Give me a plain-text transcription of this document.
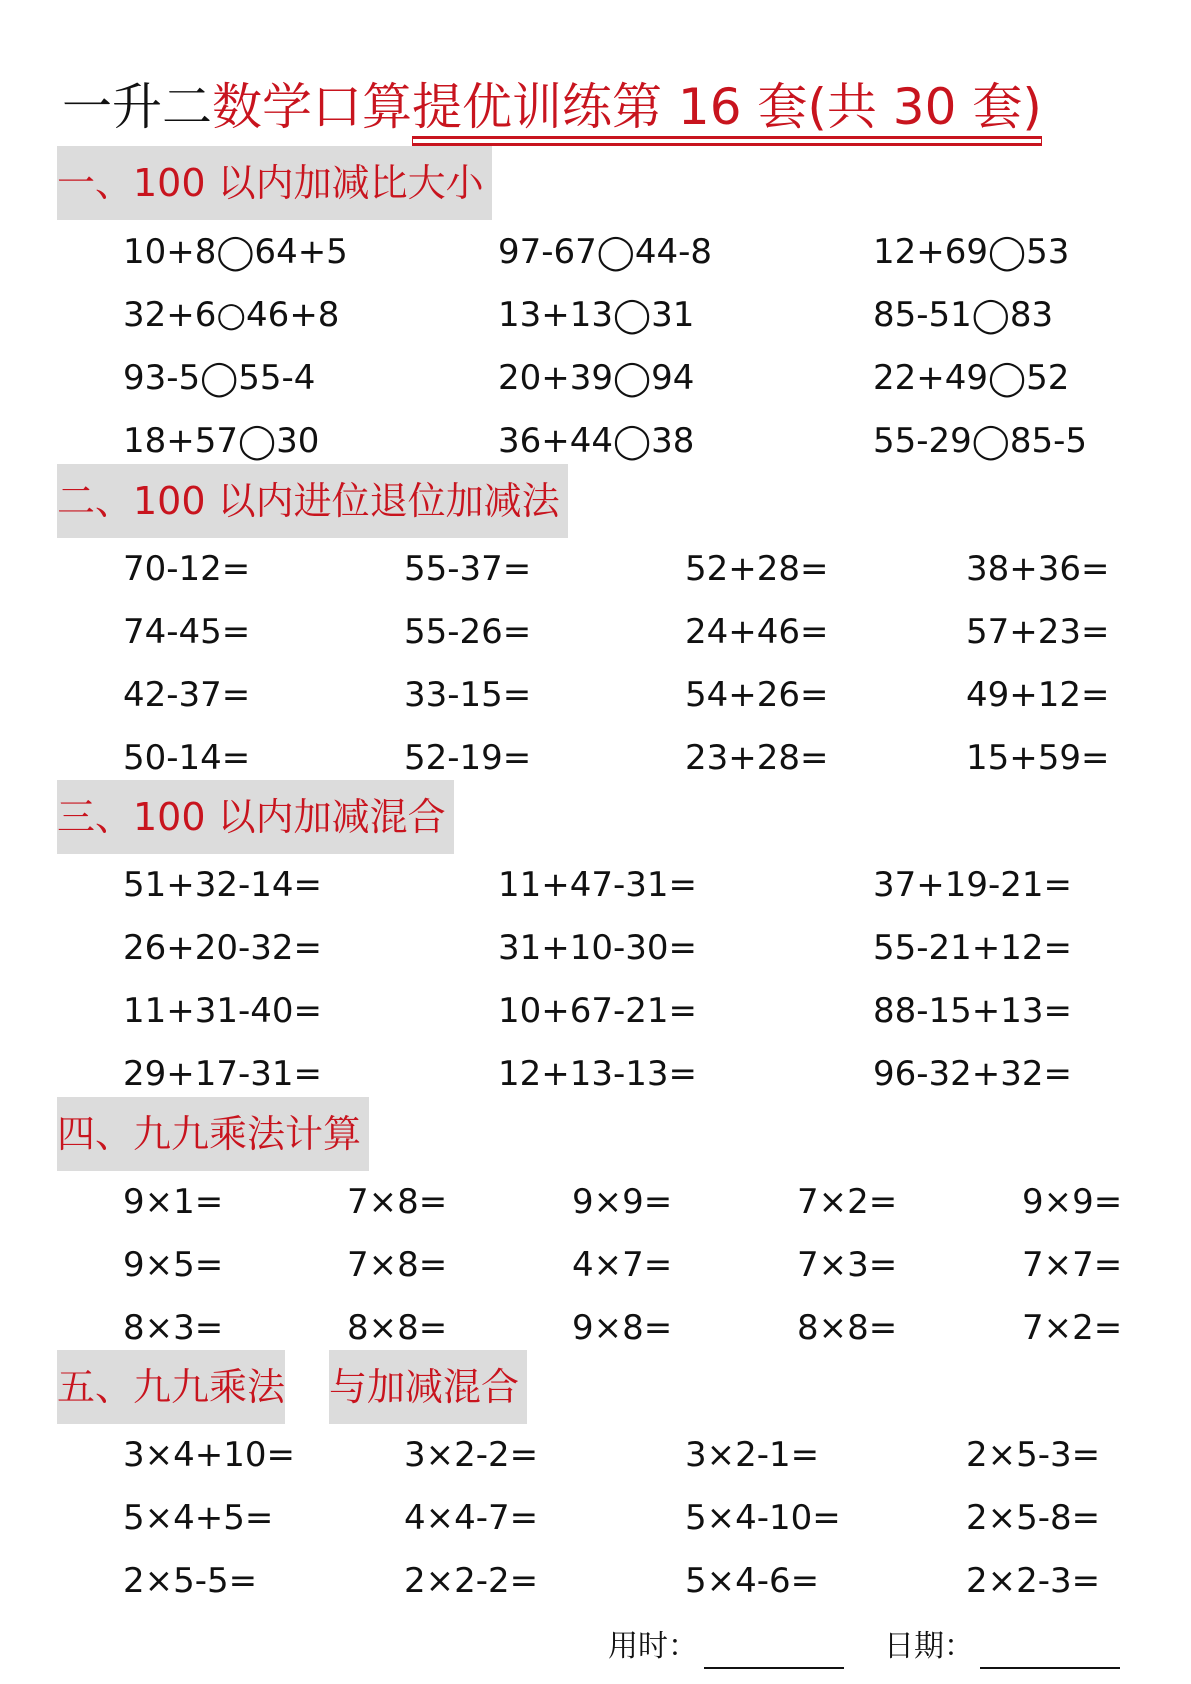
一升二数学口算提优训练第 16 套(共 30 套)
一、100 以内加减比大小
10+8◯64+5	97-67◯44-8	12+69◯53
32+6○46+8	13+13◯31	85-51◯83
93-5◯55-4	20+39◯94	22+49◯52
18+57◯30	36+44◯38	55-29◯85-5
二、100 以内进位退位加减法
70-12=	55-37=	52+28=	38+36=
74-45=	55-26=	24+46=	57+23=
42-37=	33-15=	54+26=	49+12=
50-14=	52-19=	23+28=	15+59=
三、100 以内加减混合
51+32-14=	11+47-31=	37+19-21=
26+20-32=	31+10-30=	55-21+12=
11+31-40=	10+67-21=	88-15+13=
29+17-31=	12+13-13=	96-32+32=
四、九九乘法计算
9×1=	7×8=	9×9=	7×2=	9×9=
9×5=	7×8=	4×7=	7×3=	7×7=
8×3=	8×8=	9×8=	8×8=	7×2=
五、九九乘法 与加减混合
3×4+10=	3×2-2=	3×2-1=	2×5-3=
5×4+5=	4×4-7=	5×4-10=	2×5-8=
2×5-5=	2×2-2=	5×4-6=	2×2-3=
用时：	日期：
